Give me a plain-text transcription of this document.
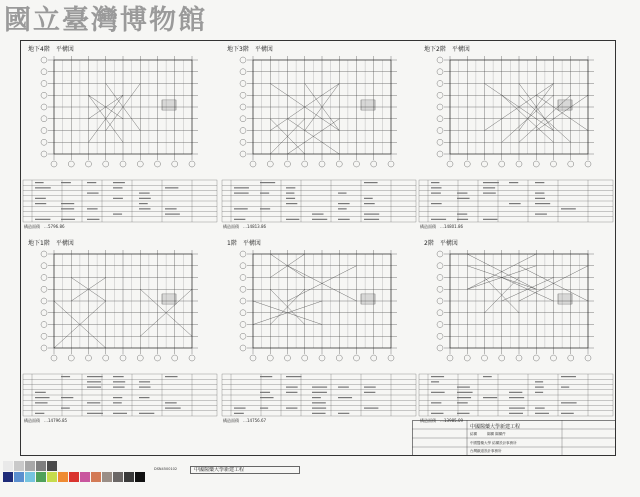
國立臺灣博物館
地下4階　平構図
構造面積　…5796.86
地下3階　平構図
構造面積　…14813.86
地下2階　平構図
構造面積　…14801.86
地下1階　平構図
構造面積　…14796.85
1階　平構図
構造面積　…14756.67
2階　平構図
構造面積　…13985.09
中國醫藥大學新建工程
結構	鋼構 鋼構件
中國醫藥大學 結構設計事務所
台灣鐵道設計事務所
DSN4500102	中國醫藥大學新建工程
